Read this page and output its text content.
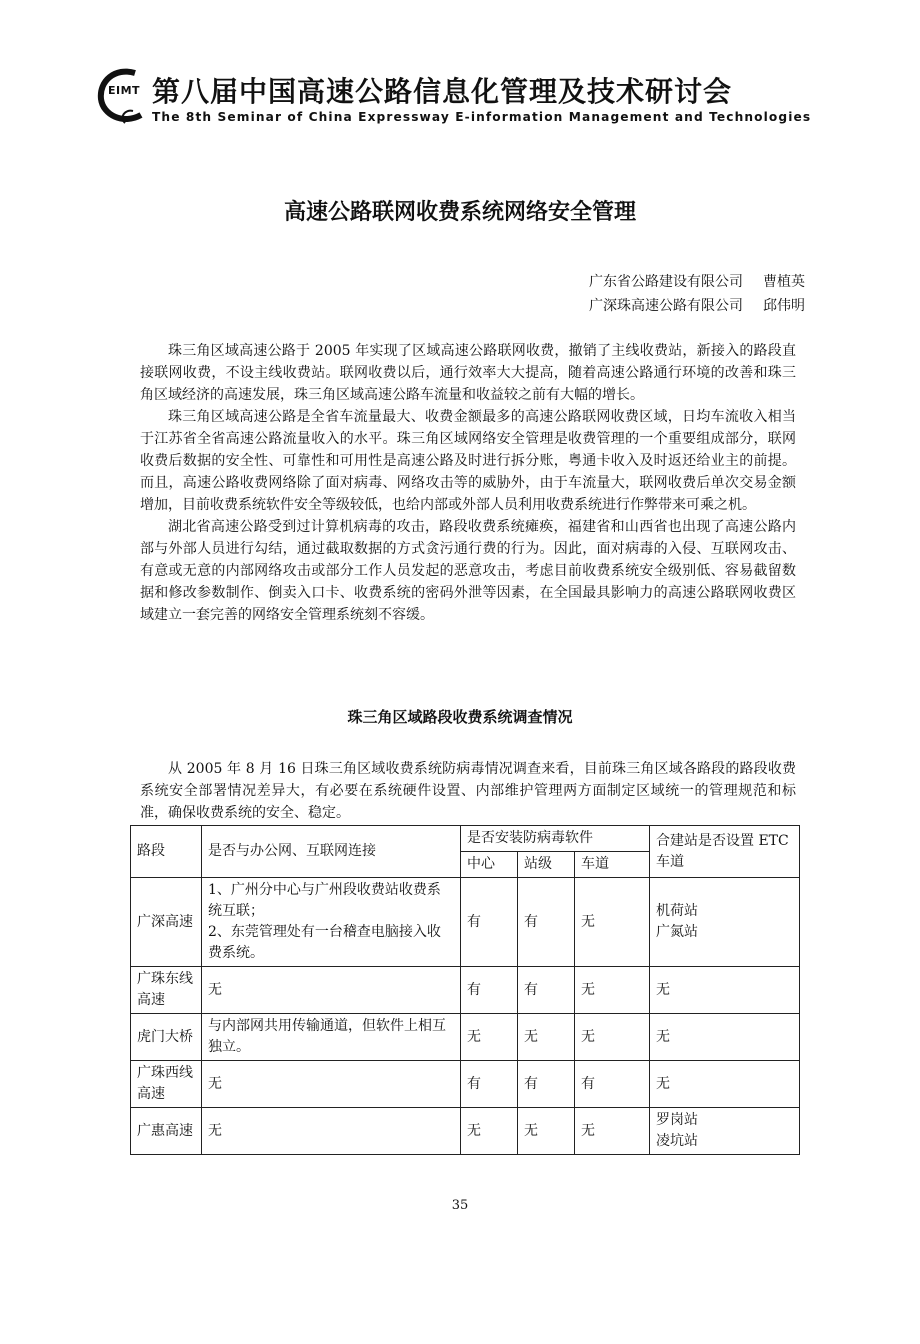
EIMT 第八届中国高速公路信息化管理及技术研讨会
The 8th Seminar of China Expressway E-information Management and Technologies
高速公路联网收费系统网络安全管理
广东省公路建设有限公司 曹植英
广深珠高速公路有限公司 邱伟明

珠三角区域高速公路于 2005 年实现了区域高速公路联网收费，撤销了主线收费站，新接入的路段直接联网收费，不设主线收费站。联网收费以后，通行效率大大提高，随着高速公路通行环境的改善和珠三角区域经济的高速发展，珠三角区域高速公路车流量和收益较之前有大幅的增长。

珠三角区域高速公路是全省车流量最大、收费金额最多的高速公路联网收费区域，日均车流收入相当于江苏省全省高速公路流量收入的水平。珠三角区域网络安全管理是收费管理的一个重要组成部分，联网收费后数据的安全性、可靠性和可用性是高速公路及时进行拆分账，粤通卡收入及时返还给业主的前提。而且，高速公路收费网络除了面对病毒、网络攻击等的威胁外，由于车流量大，联网收费后单次交易金额增加，目前收费系统软件安全等级较低，也给内部或外部人员利用收费系统进行作弊带来可乘之机。

湖北省高速公路受到过计算机病毒的攻击，路段收费系统瘫痪，福建省和山西省也出现了高速公路内部与外部人员进行勾结，通过截取数据的方式贪污通行费的行为。因此，面对病毒的入侵、互联网攻击、有意或无意的内部网络攻击或部分工作人员发起的恶意攻击，考虑目前收费系统安全级别低、容易截留数据和修改参数制作、倒卖入口卡、收费系统的密码外泄等因素，在全国最具影响力的高速公路联网收费区域建立一套完善的网络安全管理系统刻不容缓。

珠三角区域路段收费系统调查情况

从 2005 年 8 月 16 日珠三角区域收费系统防病毒情况调查来看，目前珠三角区域各路段的路段收费系统安全部署情况差异大，有必要在系统硬件设置、内部维护管理两方面制定区域统一的管理规范和标准，确保收费系统的安全、稳定。

路段	是否与办公网、互联网连接	是否安装防病毒软件			合建站是否设置 ETC 车道
		中心	站级	车道	
广深高速	1、广州分中心与广州段收费站收费系统互联；
2、东莞管理处有一台稽查电脑接入收费系统。	有	有	无	机荷站
广氮站
广珠东线高速	无	有	有	无	无
虎门大桥	与内部网共用传输通道，但软件上相互独立。	无	无	无	无
广珠西线高速	无	有	有	有	无
广惠高速	无	无	无	无	罗岗站
凌坑站
35
